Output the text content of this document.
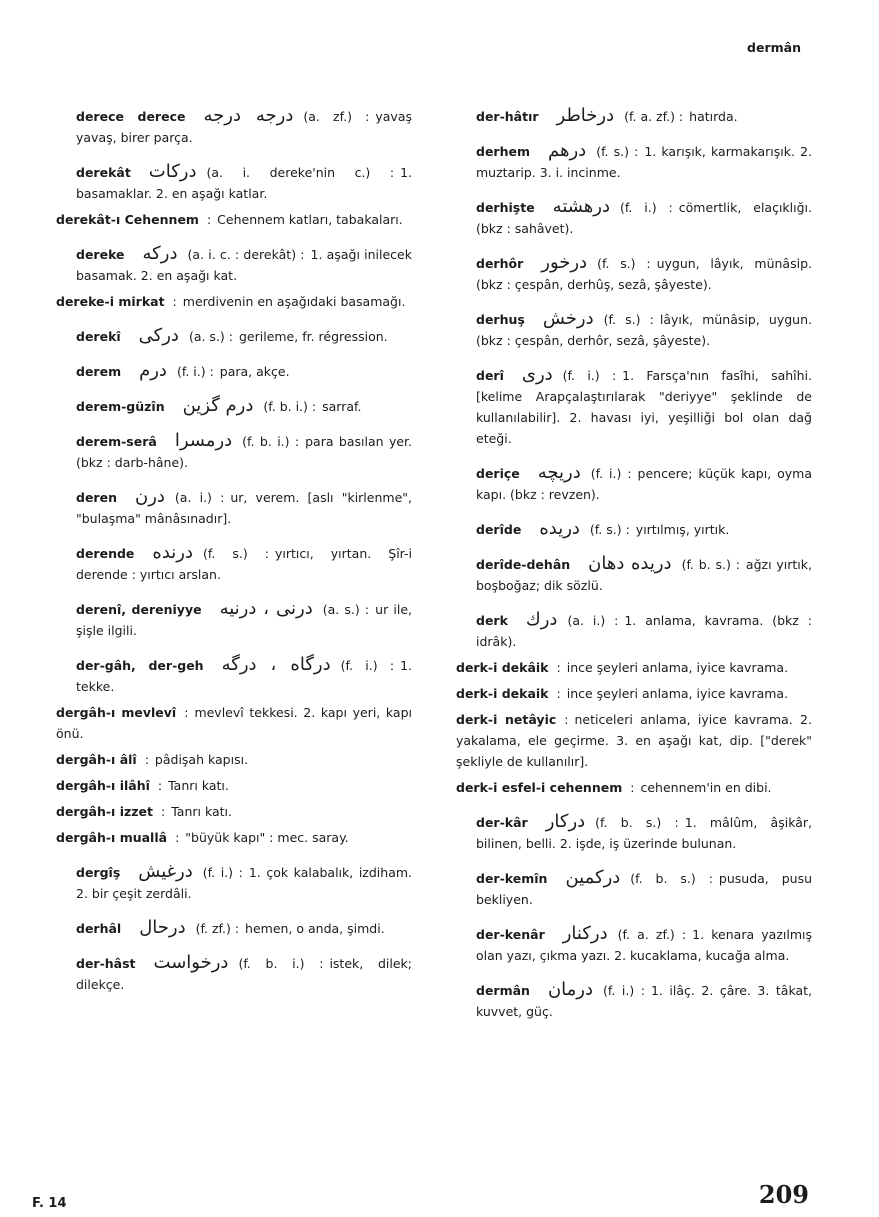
dermân
derece derece درجه درجه (a. zf.) : yavaş yavaş, birer parça.
derekât درکات (a. i. dereke'nin c.) : 1. basamaklar. 2. en aşağı katlar.
derekât-ı Cehennem : Cehennem katları, tabakaları.
dereke درکه (a. i. c. : derekât) : 1. aşağı inilecek basamak. 2. en aşağı kat.
dereke-i mirkat : merdivenin en aşağıdaki basamağı.
derekî درکی (a. s.) : gerileme, fr. régression.
derem درم (f. i.) : para, akçe.
derem-güzîn درم گزین (f. b. i.) : sarraf.
derem-serâ درمسرا (f. b. i.) : para basılan yer. (bkz : darb-hâne).
deren درن (a. i.) : ur, verem. [aslı "kirlenme", "bulaşma" mânâsınadır].
derende درنده (f. s.) : yırtıcı, yırtan. Şîr-i derende : yırtıcı arslan.
derenî, dereniyye درنی ، درنیه (a. s.) : ur ile, şişle ilgili.
der-gâh, der-geh درگاه ، درگه (f. i.) : 1. tekke.
dergâh-ı mevlevî : mevlevî tekkesi. 2. kapı yeri, kapı önü.
dergâh-ı âlî : pâdişah kapısı.
dergâh-ı ilâhî : Tanrı katı.
dergâh-ı izzet : Tanrı katı.
dergâh-ı muallâ : "büyük kapı" : mec. saray.
dergîş درغیش (f. i.) : 1. çok kalabalık, izdiham. 2. bir çeşit zerdâli.
derhâl درحال (f. zf.) : hemen, o anda, şimdi.
der-hâst درخواست (f. b. i.) : istek, dilek; dilekçe.
der-hâtır درخاطر (f. a. zf.) : hatırda.
derhem درهم (f. s.) : 1. karışık, karmakarışık. 2. muztarip. 3. i. incinme.
derhişte درهشته (f. i.) : cömertlik, elaçıklığı. (bkz : sahâvet).
derhôr درخور (f. s.) : uygun, lâyık, münâsip. (bkz : çespân, derhûş, sezâ, şâyeste).
derhuş درخش (f. s.) : lâyık, münâsip, uygun. (bkz : çespân, derhôr, sezâ, şâyeste).
derî دری (f. i.) : 1. Farsça'nın fasîhi, sahîhi. [kelime Arapçalaştırılarak "deriyye" şeklinde de kullanılabilir]. 2. havası iyi, yeşilliği bol olan dağ eteği.
deriçe دریچه (f. i.) : pencere; küçük kapı, oyma kapı. (bkz : revzen).
derîde دریده (f. s.) : yırtılmış, yırtık.
derîde-dehân دریده دهان (f. b. s.) : ağzı yırtık, boşboğaz; dik sözlü.
derk درك (a. i.) : 1. anlama, kavrama. (bkz : idrâk).
derk-i dekâik : ince şeyleri anlama, iyice kavrama.
derk-i dekaik : ince şeyleri anlama, iyice kavrama.
derk-i netâyic : neticeleri anlama, iyice kavrama. 2. yakalama, ele geçirme. 3. en aşağı kat, dip. ["derek" şekliyle de kullanılır].
derk-i esfel-i cehennem : cehennem'in en dibi.
der-kâr درکار (f. b. s.) : 1. mâlûm, âşikâr, bilinen, belli. 2. işde, iş üzerinde bulunan.
der-kemîn درکمین (f. b. s.) : pusuda, pusu bekliyen.
der-kenâr درکنار (f. a. zf.) : 1. kenara yazılmış olan yazı, çıkma yazı. 2. kucaklama, kucağa alma.
dermân درمان (f. i.) : 1. ilâç. 2. çâre. 3. tâkat, kuvvet, güç.
F. 14	209
